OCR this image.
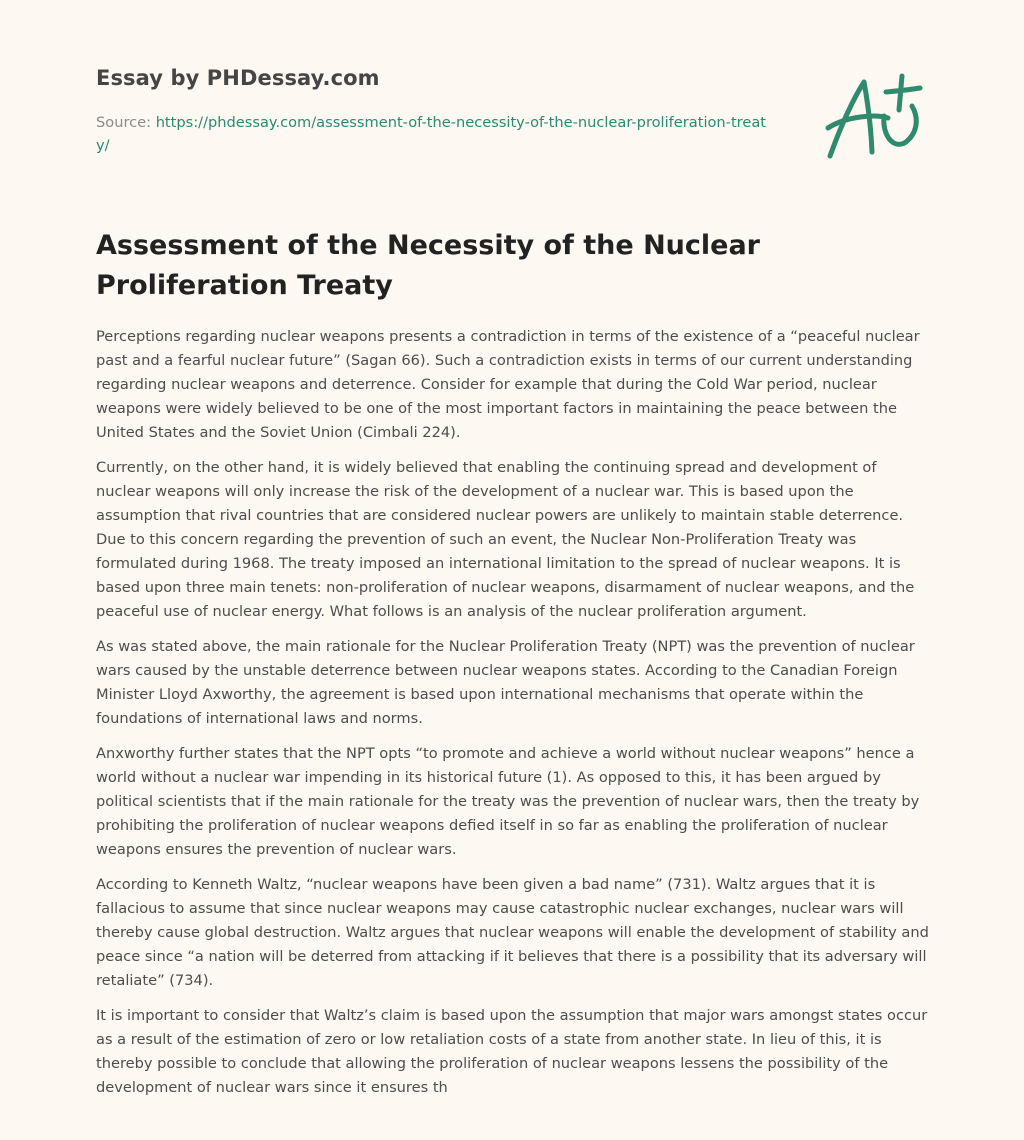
Essay by PHDessay.com
Source: https://phdessay.com/assessment-of-the-necessity-of-the-nuclear-proliferation-treaty/
Assessment of the Necessity of the Nuclear Proliferation Treaty

Perceptions regarding nuclear weapons presents a contradiction in terms of the existence of a “peaceful nuclear past and a fearful nuclear future” (Sagan 66). Such a contradiction exists in terms of our current understanding regarding nuclear weapons and deterrence. Consider for example that during the Cold War period, nuclear weapons were widely believed to be one of the most important factors in maintaining the peace between the United States and the Soviet Union (Cimbali 224).

Currently, on the other hand, it is widely believed that enabling the continuing spread and development of nuclear weapons will only increase the risk of the development of a nuclear war. This is based upon the assumption that rival countries that are considered nuclear powers are unlikely to maintain stable deterrence. Due to this concern regarding the prevention of such an event, the Nuclear Non-Proliferation Treaty was formulated during 1968. The treaty imposed an international limitation to the spread of nuclear weapons. It is based upon three main tenets: non-proliferation of nuclear weapons, disarmament of nuclear weapons, and the peaceful use of nuclear energy. What follows is an analysis of the nuclear proliferation argument.

As was stated above, the main rationale for the Nuclear Proliferation Treaty (NPT) was the prevention of nuclear wars caused by the unstable deterrence between nuclear weapons states. According to the Canadian Foreign Minister Lloyd Axworthy, the agreement is based upon international mechanisms that operate within the foundations of international laws and norms.

Anxworthy further states that the NPT opts “to promote and achieve a world without nuclear weapons” hence a world without a nuclear war impending in its historical future (1). As opposed to this, it has been argued by political scientists that if the main rationale for the treaty was the prevention of nuclear wars, then the treaty by prohibiting the proliferation of nuclear weapons defied itself in so far as enabling the proliferation of nuclear weapons ensures the prevention of nuclear wars.

According to Kenneth Waltz, “nuclear weapons have been given a bad name” (731). Waltz argues that it is fallacious to assume that since nuclear weapons may cause catastrophic nuclear exchanges, nuclear wars will thereby cause global destruction. Waltz argues that nuclear weapons will enable the development of stability and peace since “a nation will be deterred from attacking if it believes that there is a possibility that its adversary will retaliate” (734).

It is important to consider that Waltz’s claim is based upon the assumption that major wars amongst states occur as a result of the estimation of zero or low retaliation costs of a state from another state. In lieu of this, it is thereby possible to conclude that allowing the proliferation of nuclear weapons lessens the possibility of the development of nuclear wars since it ensures th
